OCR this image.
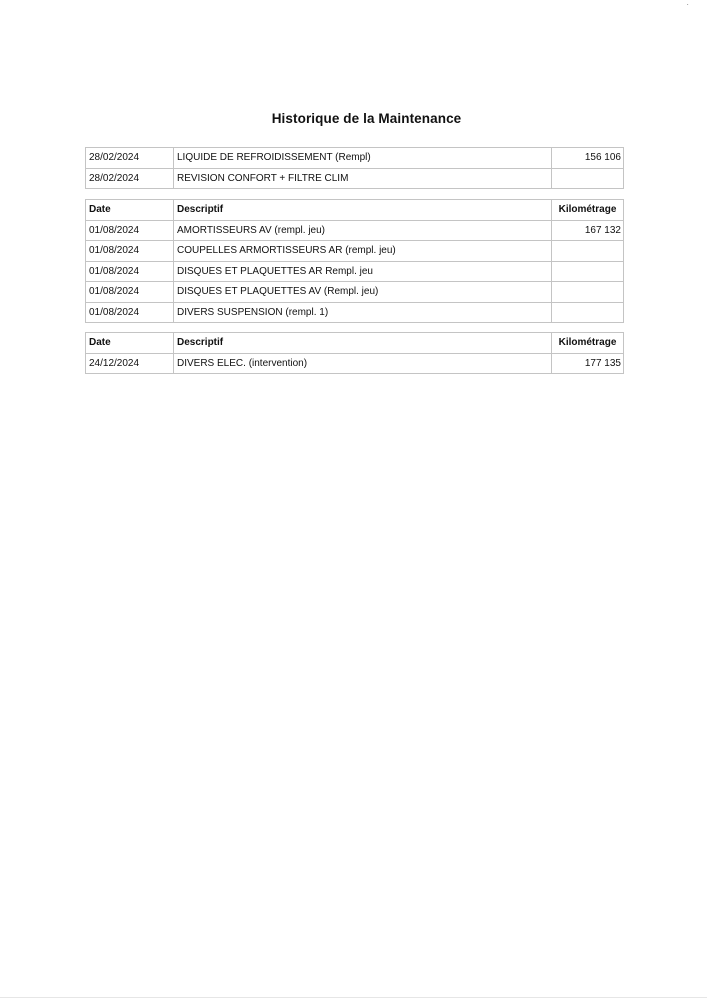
·
Historique de la Maintenance
28/02/2024	LIQUIDE DE REFROIDISSEMENT (Rempl)	156 106
28/02/2024	REVISION CONFORT + FILTRE CLIM	
Date	Descriptif	Kilométrage
01/08/2024	AMORTISSEURS AV (rempl. jeu)	167 132
01/08/2024	COUPELLES ARMORTISSEURS AR (rempl. jeu)	
01/08/2024	DISQUES ET PLAQUETTES AR Rempl. jeu	
01/08/2024	DISQUES ET PLAQUETTES AV (Rempl. jeu)	
01/08/2024	DIVERS SUSPENSION (rempl. 1)	
Date	Descriptif	Kilométrage
24/12/2024	DIVERS ELEC. (intervention)	177 135
